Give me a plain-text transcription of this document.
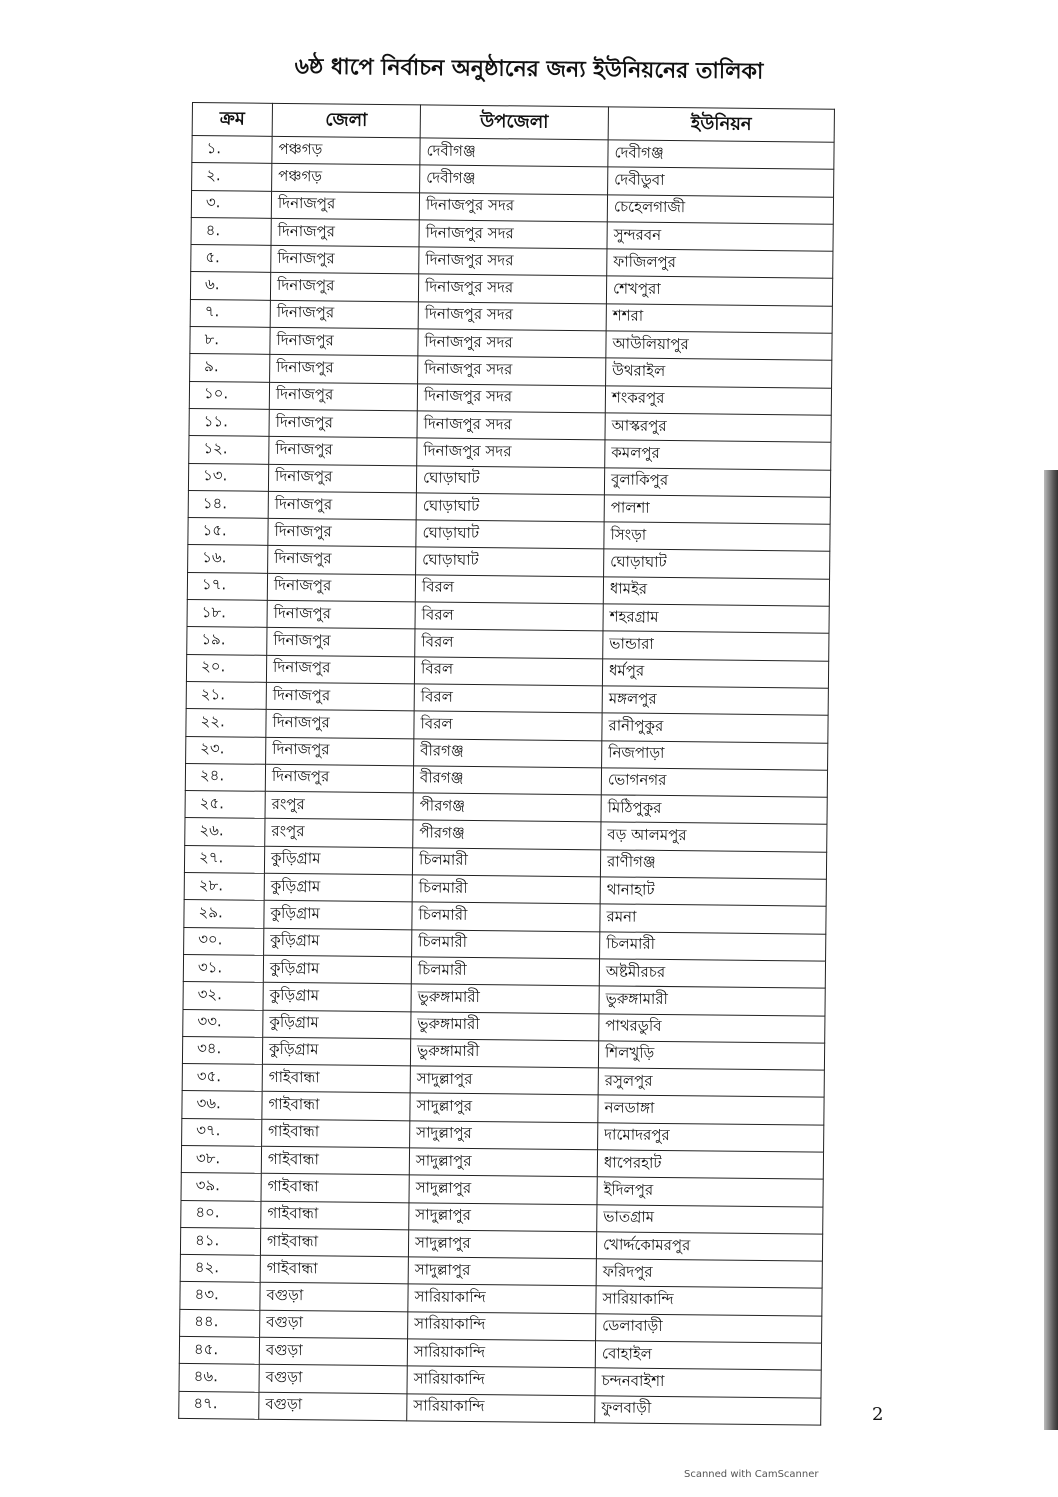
৬ষ্ঠ ধাপে নির্বাচন অনুষ্ঠানের জন্য ইউনিয়নের তালিকা
ক্রম	জেলা	উপজেলা	ইউনিয়ন
১.	পঞ্চগড়	দেবীগঞ্জ	দেবীগঞ্জ
২.	পঞ্চগড়	দেবীগঞ্জ	দেবীডুবা
৩.	দিনাজপুর	দিনাজপুর সদর	চেহেলগাজী
৪.	দিনাজপুর	দিনাজপুর সদর	সুন্দরবন
৫.	দিনাজপুর	দিনাজপুর সদর	ফাজিলপুর
৬.	দিনাজপুর	দিনাজপুর সদর	শেখপুরা
৭.	দিনাজপুর	দিনাজপুর সদর	শশরা
৮.	দিনাজপুর	দিনাজপুর সদর	আউলিয়াপুর
৯.	দিনাজপুর	দিনাজপুর সদর	উথরাইল
১০.	দিনাজপুর	দিনাজপুর সদর	শংকরপুর
১১.	দিনাজপুর	দিনাজপুর সদর	আস্করপুর
১২.	দিনাজপুর	দিনাজপুর সদর	কমলপুর
১৩.	দিনাজপুর	ঘোড়াঘাট	বুলাকিপুর
১৪.	দিনাজপুর	ঘোড়াঘাট	পালশা
১৫.	দিনাজপুর	ঘোড়াঘাট	সিংড়া
১৬.	দিনাজপুর	ঘোড়াঘাট	ঘোড়াঘাট
১৭.	দিনাজপুর	বিরল	ধামইর
১৮.	দিনাজপুর	বিরল	শহরগ্রাম
১৯.	দিনাজপুর	বিরল	ভান্ডারা
২০.	দিনাজপুর	বিরল	ধর্মপুর
২১.	দিনাজপুর	বিরল	মঙ্গলপুর
২২.	দিনাজপুর	বিরল	রানীপুকুর
২৩.	দিনাজপুর	বীরগঞ্জ	নিজপাড়া
২৪.	দিনাজপুর	বীরগঞ্জ	ভোগনগর
২৫.	রংপুর	পীরগঞ্জ	মিঠিপুকুর
২৬.	রংপুর	পীরগঞ্জ	বড় আলমপুর
২৭.	কুড়িগ্রাম	চিলমারী	রাণীগঞ্জ
২৮.	কুড়িগ্রাম	চিলমারী	থানাহাট
২৯.	কুড়িগ্রাম	চিলমারী	রমনা
৩০.	কুড়িগ্রাম	চিলমারী	চিলমারী
৩১.	কুড়িগ্রাম	চিলমারী	অষ্টমীরচর
৩২.	কুড়িগ্রাম	ভুরুঙ্গামারী	ভুরুঙ্গামারী
৩৩.	কুড়িগ্রাম	ভুরুঙ্গামারী	পাথরডুবি
৩৪.	কুড়িগ্রাম	ভুরুঙ্গামারী	শিলখুড়ি
৩৫.	গাইবান্ধা	সাদুল্লাপুর	রসুলপুর
৩৬.	গাইবান্ধা	সাদুল্লাপুর	নলডাঙ্গা
৩৭.	গাইবান্ধা	সাদুল্লাপুর	দামোদরপুর
৩৮.	গাইবান্ধা	সাদুল্লাপুর	ধাপেরহাট
৩৯.	গাইবান্ধা	সাদুল্লাপুর	ইদিলপুর
৪০.	গাইবান্ধা	সাদুল্লাপুর	ভাতগ্রাম
৪১.	গাইবান্ধা	সাদুল্লাপুর	খোর্দ্দকোমরপুর
৪২.	গাইবান্ধা	সাদুল্লাপুর	ফরিদপুর
৪৩.	বগুড়া	সারিয়াকান্দি	সারিয়াকান্দি
৪৪.	বগুড়া	সারিয়াকান্দি	ডেলাবাড়ী
৪৫.	বগুড়া	সারিয়াকান্দি	বোহাইল
৪৬.	বগুড়া	সারিয়াকান্দি	চন্দনবাইশা
৪৭.	বগুড়া	সারিয়াকান্দি	ফুলবাড়ী	2
Scanned with CamScanner
